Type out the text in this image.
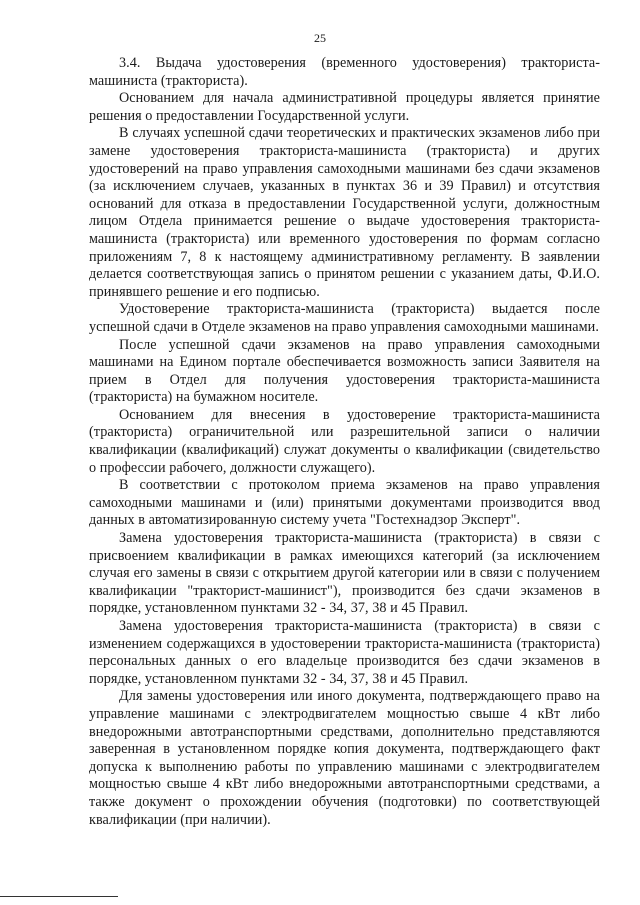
25

3.4. Выдача удостоверения (временного удостоверения) тракториста-машиниста (тракториста).

Основанием для начала административной процедуры является принятие решения о предоставлении Государственной услуги.

В случаях успешной сдачи теоретических и практических экзаменов либо при замене удостоверения тракториста-машиниста (тракториста) и других удостоверений на право управления самоходными машинами без сдачи экзаменов (за исключением случаев, указанных в пунктах 36 и 39 Правил) и отсутствия оснований для отказа в предоставлении Государственной услуги, должностным лицом Отдела принимается решение о выдаче удостоверения тракториста-машиниста (тракториста) или временного удостоверения по формам согласно приложениям 7, 8 к настоящему административному регламенту. В заявлении делается соответствующая запись о принятом решении с указанием даты, Ф.И.О. принявшего решение и его подписью.

Удостоверение тракториста-машиниста (тракториста) выдается после успешной сдачи в Отделе экзаменов на право управления самоходными машинами.

После успешной сдачи экзаменов на право управления самоходными машинами на Едином портале обеспечивается возможность записи Заявителя на прием в Отдел для получения удостоверения тракториста-машиниста (тракториста) на бумажном носителе.

Основанием для внесения в удостоверение тракториста-машиниста (тракториста) ограничительной или разрешительной записи о наличии квалификации (квалификаций) служат документы о квалификации (свидетельство о профессии рабочего, должности служащего).

В соответствии с протоколом приема экзаменов на право управления самоходными машинами и (или) принятыми документами производится ввод данных в автоматизированную систему учета "Гостехнадзор Эксперт".

Замена удостоверения тракториста-машиниста (тракториста) в связи с присвоением квалификации в рамках имеющихся категорий (за исключением случая его замены в связи с открытием другой категории или в связи с получением квалификации "тракторист-машинист"), производится без сдачи экзаменов в порядке, установленном пунктами 32 - 34, 37, 38 и 45 Правил.

Замена удостоверения тракториста-машиниста (тракториста) в связи с изменением содержащихся в удостоверении тракториста-машиниста (тракториста) персональных данных о его владельце производится без сдачи экзаменов в порядке, установленном пунктами 32 - 34, 37, 38 и 45 Правил.

Для замены удостоверения или иного документа, подтверждающего право на управление машинами с электродвигателем мощностью свыше 4 кВт либо внедорожными автотранспортными средствами, дополнительно представляются заверенная в установленном порядке копия документа, подтверждающего факт допуска к выполнению работы по управлению машинами с электродвигателем мощностью свыше 4 кВт либо внедорожными автотранспортными средствами, а также документ о прохождении обучения (подготовки) по соответствующей квалификации (при наличии).
